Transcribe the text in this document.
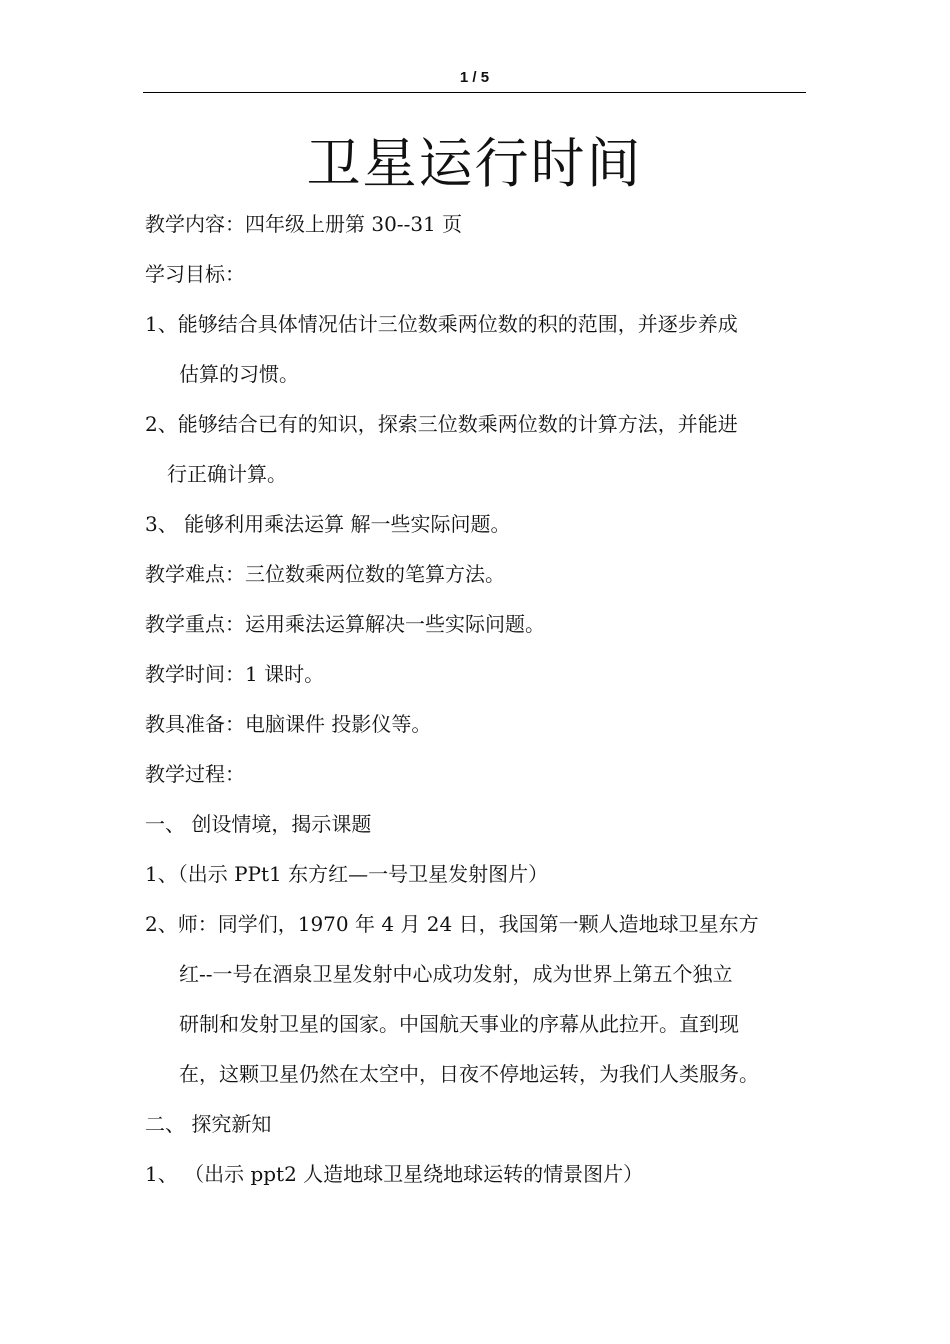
1 / 5
卫星运行时间
教学内容：四年级上册第 30--31 页
学习目标：
1、能够结合具体情况估计三位数乘两位数的积的范围，并逐步养成
估算的习惯。
2、能够结合已有的知识，探索三位数乘两位数的计算方法，并能进
行正确计算。
3、 能够利用乘法运算 解一些实际问题。
教学难点：三位数乘两位数的笔算方法。
教学重点：运用乘法运算解决一些实际问题。
教学时间：1 课时。
教具准备：电脑课件 投影仪等。
教学过程：
一、 创设情境，揭示课题
1、（出示 PPt1 东方红—一号卫星发射图片）
2、师：同学们，1970 年 4 月 24 日，我国第一颗人造地球卫星东方
红--一号在酒泉卫星发射中心成功发射，成为世界上第五个独立
研制和发射卫星的国家。中国航天事业的序幕从此拉开。直到现
在，这颗卫星仍然在太空中，日夜不停地运转，为我们人类服务。
二、 探究新知
1、 （出示 ppt2 人造地球卫星绕地球运转的情景图片）
